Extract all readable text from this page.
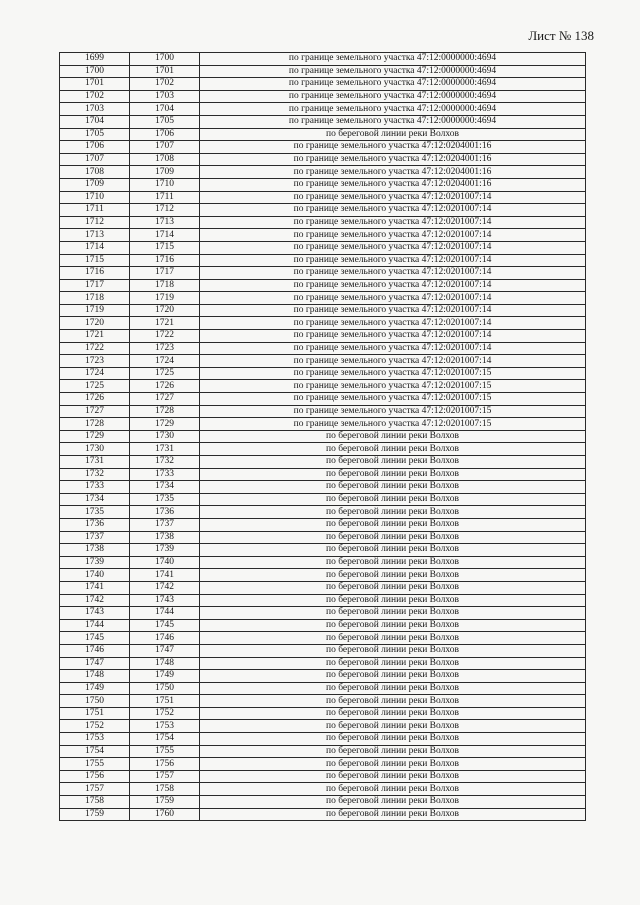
Лист № 138
1699	1700	по границе земельного участка 47:12:0000000:4694
1700	1701	по границе земельного участка 47:12:0000000:4694
1701	1702	по границе земельного участка 47:12:0000000:4694
1702	1703	по границе земельного участка 47:12:0000000:4694
1703	1704	по границе земельного участка 47:12:0000000:4694
1704	1705	по границе земельного участка 47:12:0000000:4694
1705	1706	по береговой линии реки Волхов
1706	1707	по границе земельного участка 47:12:0204001:16
1707	1708	по границе земельного участка 47:12:0204001:16
1708	1709	по границе земельного участка 47:12:0204001:16
1709	1710	по границе земельного участка 47:12:0204001:16
1710	1711	по границе земельного участка 47:12:0201007:14
1711	1712	по границе земельного участка 47:12:0201007:14
1712	1713	по границе земельного участка 47:12:0201007:14
1713	1714	по границе земельного участка 47:12:0201007:14
1714	1715	по границе земельного участка 47:12:0201007:14
1715	1716	по границе земельного участка 47:12:0201007:14
1716	1717	по границе земельного участка 47:12:0201007:14
1717	1718	по границе земельного участка 47:12:0201007:14
1718	1719	по границе земельного участка 47:12:0201007:14
1719	1720	по границе земельного участка 47:12:0201007:14
1720	1721	по границе земельного участка 47:12:0201007:14
1721	1722	по границе земельного участка 47:12:0201007:14
1722	1723	по границе земельного участка 47:12:0201007:14
1723	1724	по границе земельного участка 47:12:0201007:14
1724	1725	по границе земельного участка 47:12:0201007:15
1725	1726	по границе земельного участка 47:12:0201007:15
1726	1727	по границе земельного участка 47:12:0201007:15
1727	1728	по границе земельного участка 47:12:0201007:15
1728	1729	по границе земельного участка 47:12:0201007:15
1729	1730	по береговой линии реки Волхов
1730	1731	по береговой линии реки Волхов
1731	1732	по береговой линии реки Волхов
1732	1733	по береговой линии реки Волхов
1733	1734	по береговой линии реки Волхов
1734	1735	по береговой линии реки Волхов
1735	1736	по береговой линии реки Волхов
1736	1737	по береговой линии реки Волхов
1737	1738	по береговой линии реки Волхов
1738	1739	по береговой линии реки Волхов
1739	1740	по береговой линии реки Волхов
1740	1741	по береговой линии реки Волхов
1741	1742	по береговой линии реки Волхов
1742	1743	по береговой линии реки Волхов
1743	1744	по береговой линии реки Волхов
1744	1745	по береговой линии реки Волхов
1745	1746	по береговой линии реки Волхов
1746	1747	по береговой линии реки Волхов
1747	1748	по береговой линии реки Волхов
1748	1749	по береговой линии реки Волхов
1749	1750	по береговой линии реки Волхов
1750	1751	по береговой линии реки Волхов
1751	1752	по береговой линии реки Волхов
1752	1753	по береговой линии реки Волхов
1753	1754	по береговой линии реки Волхов
1754	1755	по береговой линии реки Волхов
1755	1756	по береговой линии реки Волхов
1756	1757	по береговой линии реки Волхов
1757	1758	по береговой линии реки Волхов
1758	1759	по береговой линии реки Волхов
1759	1760	по береговой линии реки Волхов
